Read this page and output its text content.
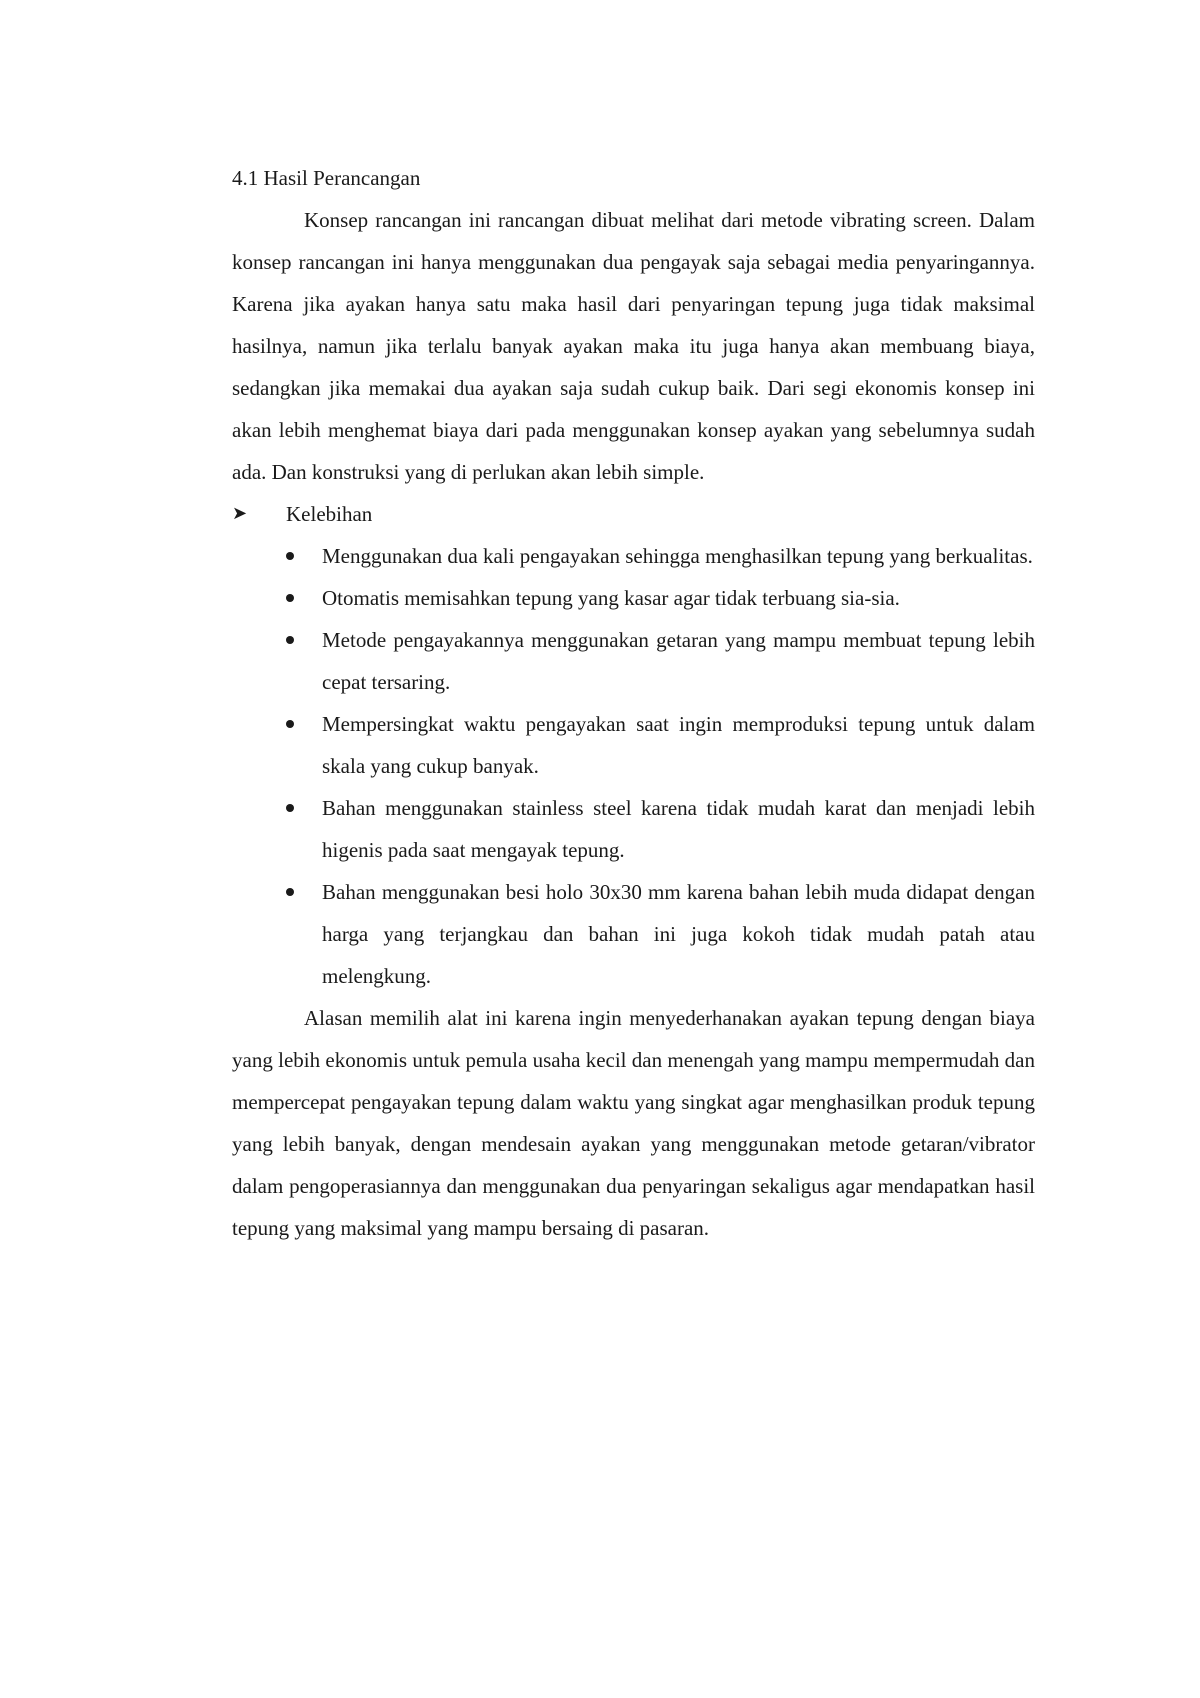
4.1 Hasil Perancangan

Konsep rancangan ini rancangan dibuat melihat dari metode vibrating screen. Dalam konsep rancangan ini hanya menggunakan dua pengayak saja sebagai media penyaringannya. Karena jika ayakan hanya satu maka hasil dari penyaringan tepung juga tidak maksimal hasilnya, namun jika terlalu banyak ayakan maka itu juga hanya akan membuang biaya, sedangkan jika memakai dua ayakan saja sudah cukup baik. Dari segi ekonomis konsep ini akan lebih menghemat biaya dari pada menggunakan konsep ayakan yang sebelumnya sudah ada. Dan konstruksi yang di perlukan akan lebih simple.

➤ Kelebihan
Menggunakan dua kali pengayakan sehingga menghasilkan tepung yang berkualitas.
Otomatis memisahkan tepung yang kasar agar tidak terbuang sia-sia.
Metode pengayakannya menggunakan getaran yang mampu membuat tepung lebih cepat tersaring.
Mempersingkat waktu pengayakan saat ingin memproduksi tepung untuk dalam skala yang cukup banyak.
Bahan menggunakan stainless steel karena tidak mudah karat dan menjadi lebih higenis pada saat mengayak tepung.
Bahan menggunakan besi holo 30x30 mm karena bahan lebih muda didapat dengan harga yang terjangkau dan bahan ini juga kokoh tidak mudah patah atau melengkung.

Alasan memilih alat ini karena ingin menyederhanakan ayakan tepung dengan biaya yang lebih ekonomis untuk pemula usaha kecil dan menengah yang mampu mempermudah dan mempercepat pengayakan tepung dalam waktu yang singkat agar menghasilkan produk tepung yang lebih banyak, dengan mendesain ayakan yang menggunakan metode getaran/vibrator dalam pengoperasiannya dan menggunakan dua penyaringan sekaligus agar mendapatkan hasil tepung yang maksimal yang mampu bersaing di pasaran.
